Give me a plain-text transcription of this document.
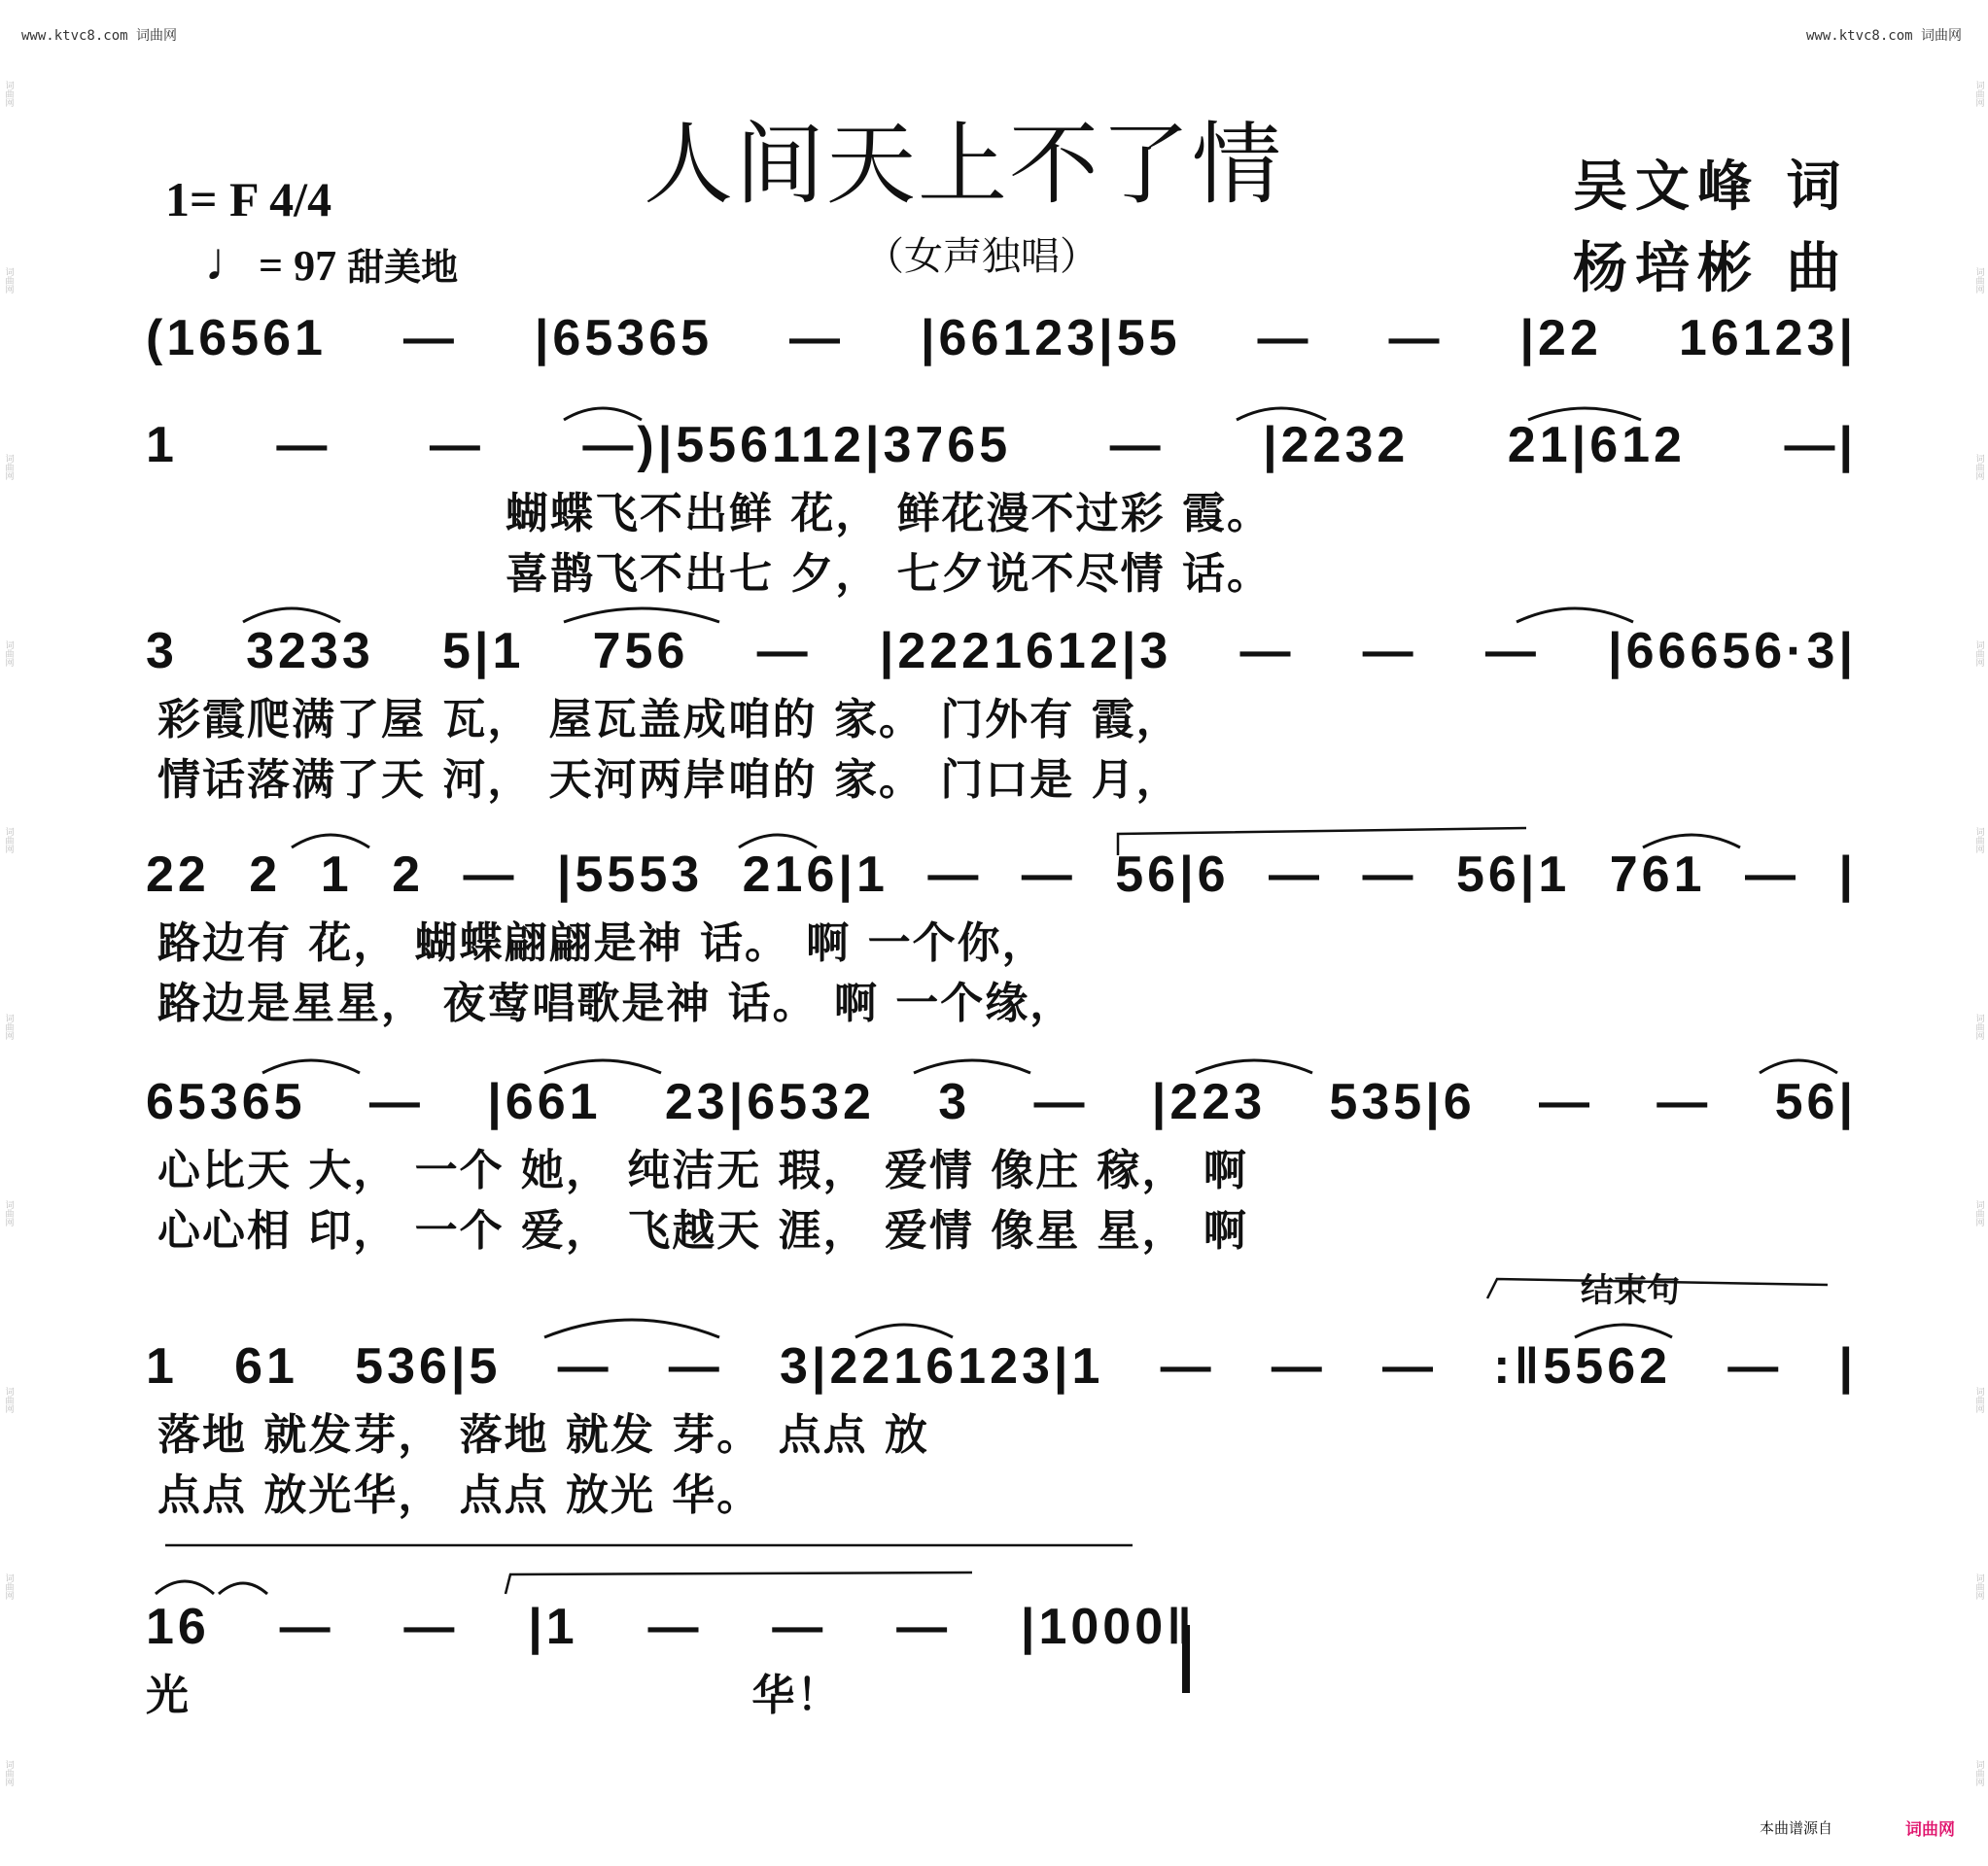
www.ktvc8.com 词曲网	www.ktvc8.com 词曲网
词曲网
词曲网
词曲网
词曲网
词曲网
词曲网
词曲网
词曲网
词曲网
词曲网
词曲网
词曲网
词曲网
词曲网
词曲网
词曲网
词曲网
词曲网
词曲网
词曲网
人间天上不了情
（女声独唱）
1= F 4/4
♩= 97 甜美地
吴文峰 词
杨培彬 曲
(16561 — |65365 — |66123|55 — — |22 16123|
1 — — —)|556112|3765 — |2232 21|612 —|
蝴蝶飞不出鲜 花， 鲜花漫不过彩 霞。
喜鹊飞不出七 夕， 七夕说不尽情 话。
3 3233 5|1 756 — |2221612|3 — — — |66656·3|
彩霞爬满了屋 瓦， 屋瓦盖成咱的 家。 门外有 霞，
情话落满了天 河， 天河两岸咱的 家。 门口是 月，
22 2 1 2 — |5553 216|1 — — 56|6 — — 56|1 761 — |
路边有 花， 蝴蝶翩翩是神 话。 啊 一个你，
路边是星星， 夜莺唱歌是神 话。 啊 一个缘，
65365 — |661 23|6532 3 — |223 535|6 — — 56|
心比天 大， 一个 她， 纯洁无 瑕， 爱情 像庄 稼， 啊
心心相 印， 一个 爱， 飞越天 涯， 爱情 像星 星， 啊
结束句
1 61 536|5 — — 3|2216123|1 — — — :‖5562 — |
落地 就发芽， 落地 就发 芽。 点点 放
点点 放光华， 点点 放光 华。
16 — — |1 — — — |1000‖
光 华！
本曲谱源自	词曲网
